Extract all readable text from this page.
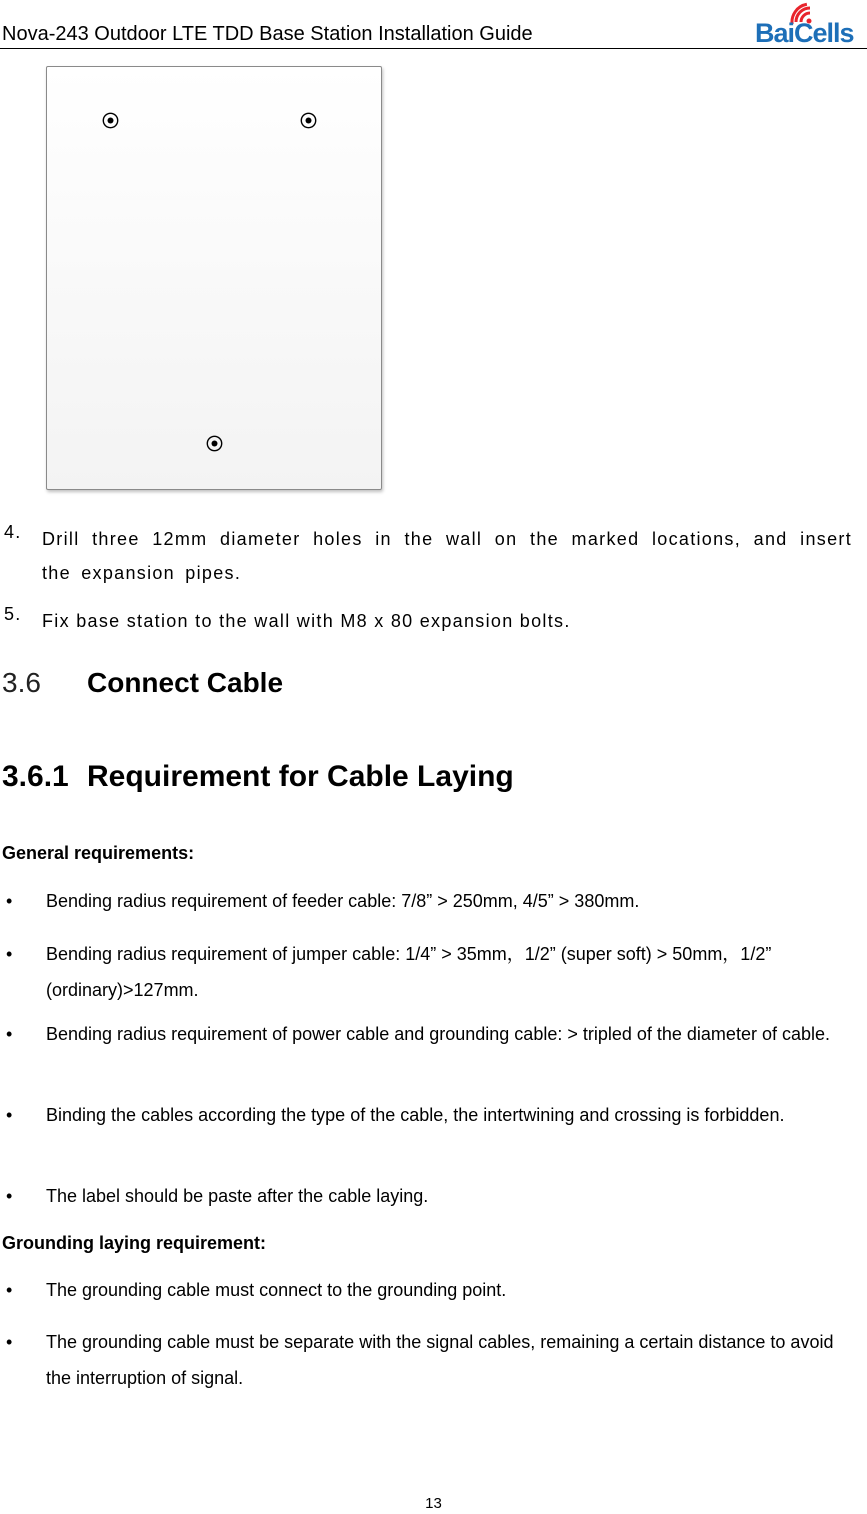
Nova-243 Outdoor LTE TDD Base Station Installation Guide	BaiCells
4. Drill three 12mm diameter holes in the wall on the marked locations, and insert the expansion pipes.
5. Fix base station to the wall with M8 x 80 expansion bolts.
3.6 Connect Cable
3.6.1 Requirement for Cable Laying
General requirements:
• Bending radius requirement of feeder cable: 7/8” > 250mm, 4/5” > 380mm.
• Bending radius requirement of jumper cable: 1/4” > 35mm，1/2” (super soft) > 50mm，1/2” (ordinary)>127mm.
• Bending radius requirement of power cable and grounding cable: > tripled of the diameter of cable.
• Binding the cables according the type of the cable, the intertwining and crossing is forbidden.
• The label should be paste after the cable laying.
Grounding laying requirement:
• The grounding cable must connect to the grounding point.
• The grounding cable must be separate with the signal cables, remaining a certain distance to avoid the interruption of signal.
13
